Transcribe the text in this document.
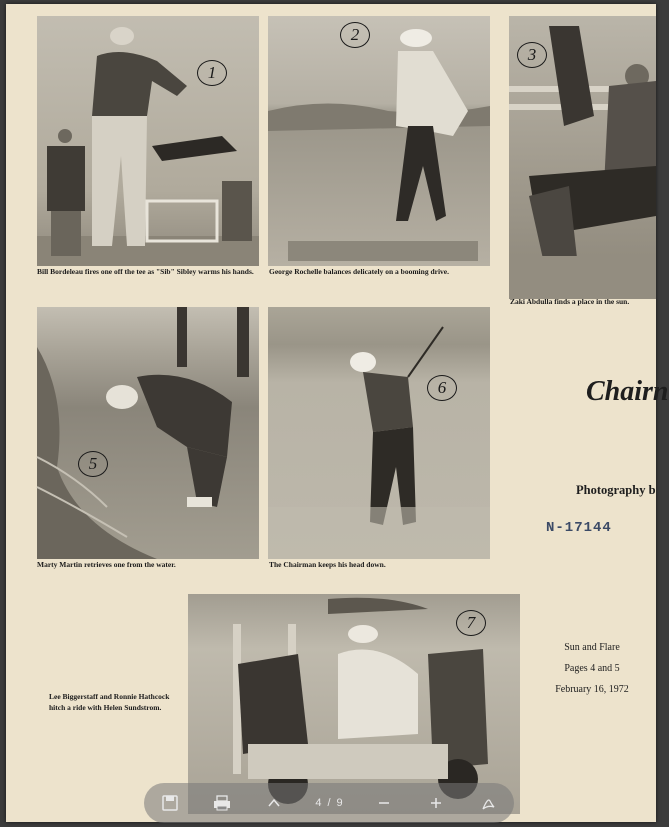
1
Bill Bordeleau fires one off the tee as "Sib" Sibley warms his hands.
2
George Rochelle balances delicately on a booming drive.
3
Zaki Abdulla finds a place in the sun.
5
Marty Martin retrieves one from the water.
6
The Chairman keeps his head down.
Chairn
Photography b
N-17144
7
Lee Biggerstaff and Ronnie Hathcock
hitch a ride with Helen Sundstrom.
Sun and Flare
Pages 4 and 5
February 16, 1972
4 / 9
